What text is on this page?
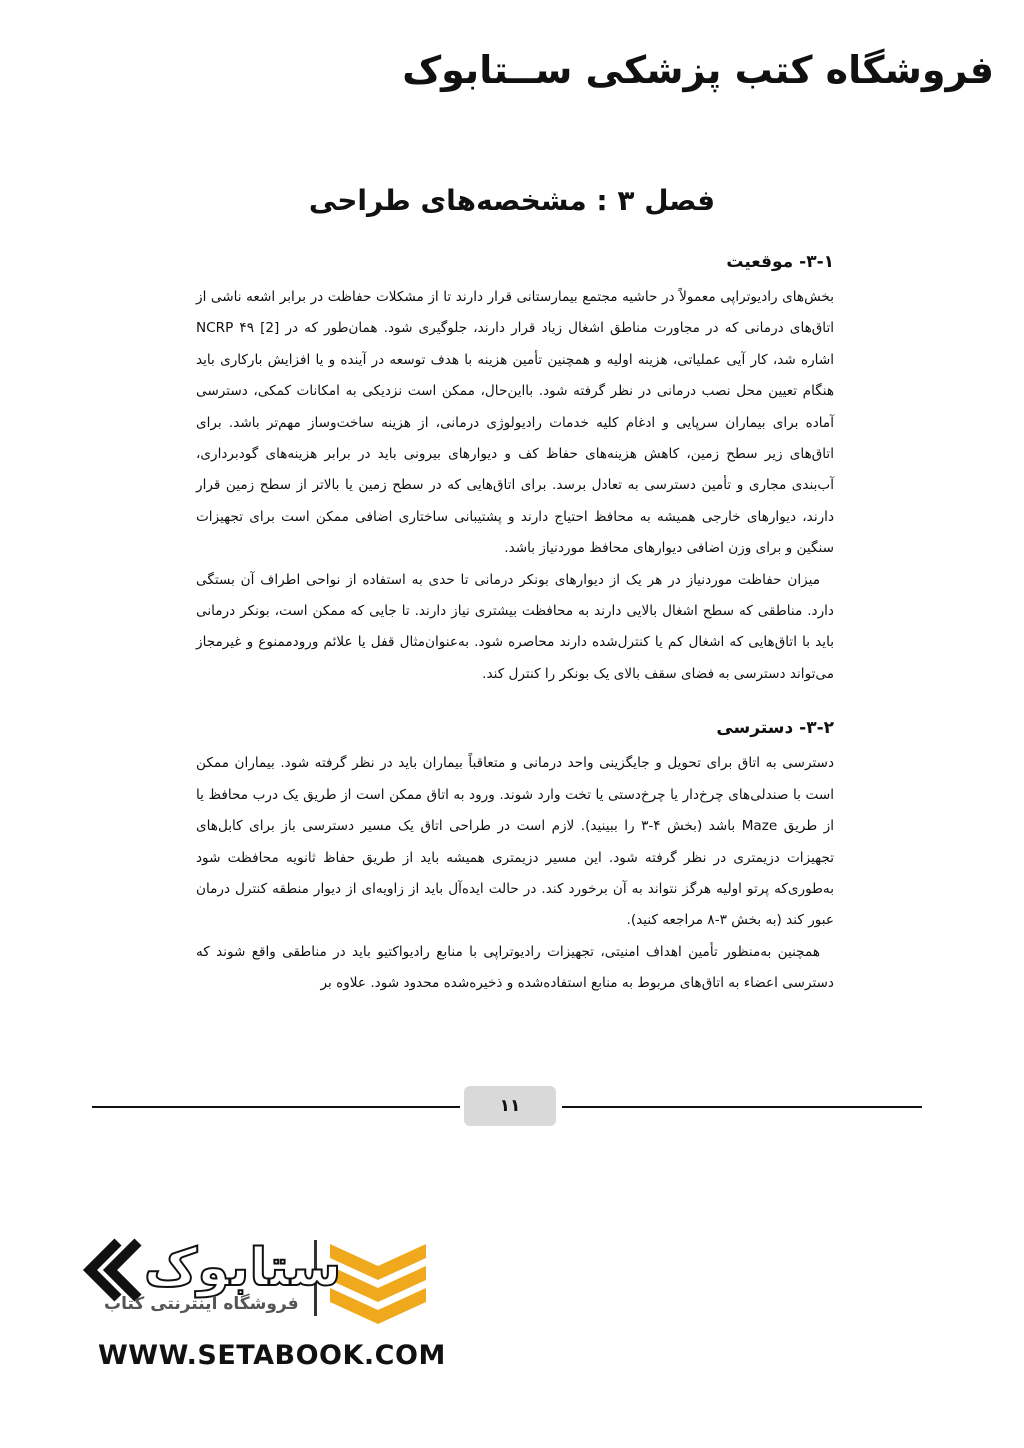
فروشگاه کتب پزشکی ســتابوک
فصل ۳ : مشخصه‌های طراحی
۳-۱- موقعیت

بخش‌های رادیوتراپی معمولاً در حاشیه مجتمع بیمارستانی قرار دارند تا از مشکلات حفاظت در برابر اشعه ناشی از اتاق‌های درمانی که در مجاورت مناطق اشغال زیاد قرار دارند، جلوگیری شود. همان‌طور که در NCRP ۴۹ [2] اشاره شد، کار آیی عملیاتی، هزینه اولیه و همچنین تأمین هزینه با هدف توسعه در آینده و یا افزایش بارکاری باید هنگام تعیین محل نصب درمانی در نظر گرفته شود. بااین‌حال، ممکن است نزدیکی به امکانات کمکی، دسترسی آماده برای بیماران سرپایی و ادغام کلیه خدمات رادیولوژی درمانی، از هزینه ساخت‌وساز مهم‌تر باشد. برای اتاق‌های زیر سطح زمین، کاهش هزینه‌های حفاظ کف و دیوارهای بیرونی باید در برابر هزینه‌های گودبرداری، آب‌بندی مجاری و تأمین دسترسی به تعادل برسد. برای اتاق‌هایی که در سطح زمین یا بالاتر از سطح زمین قرار دارند، دیوارهای خارجی همیشه به محافظ احتیاج دارند و پشتیبانی ساختاری اضافی ممکن است برای تجهیزات سنگین و برای وزن اضافی دیوارهای محافظ موردنیاز باشد.

میزان حفاظت موردنیاز در هر یک از دیوارهای بونکر درمانی تا حدی به استفاده از نواحی اطراف آن بستگی دارد. مناطقی که سطح اشغال بالایی دارند به محافظت بیشتری نیاز دارند. تا جایی که ممکن است، بونکر درمانی باید با اتاق‌هایی که اشغال کم یا کنترل‌شده دارند محاصره شود. به‌عنوان‌مثال قفل یا علائم ورودممنوع و غیرمجاز می‌تواند دسترسی به فضای سقف بالای یک بونکر را کنترل کند.

۳-۲- دسترسی

دسترسی به اتاق برای تحویل و جایگزینی واحد درمانی و متعاقباً بیماران باید در نظر گرفته شود. بیماران ممکن است با صندلی‌های چرخ‌دار یا چرخ‌دستی یا تخت وارد شوند. ورود به اتاق ممکن است از طریق یک درب محافظ یا از طریق Maze باشد (بخش ۴-۳ را ببینید). لازم است در طراحی اتاق یک مسیر دسترسی باز برای کابل‌های تجهیزات دزیمتری در نظر گرفته شود. این مسیر دزیمتری همیشه باید از طریق حفاظ ثانویه محافظت شود به‌طوری‌که پرتو اولیه هرگز نتواند به آن برخورد کند. در حالت ایده‌آل باید از زاویه‌ای از دیوار منطقه کنترل درمان عبور کند (به بخش ۳-۸ مراجعه کنید).

همچنین به‌منظور تأمین اهداف امنیتی، تجهیزات رادیوتراپی با منابع رادیواکتیو باید در مناطقی واقع شوند که دسترسی اعضاء به اتاق‌های مربوط به منابع استفاده‌شده و ذخیره‌شده محدود شود. علاوه بر

۱۱
ستابوک
فروشگاه اینترنتی کتاب
WWW.SETABOOK.COM
